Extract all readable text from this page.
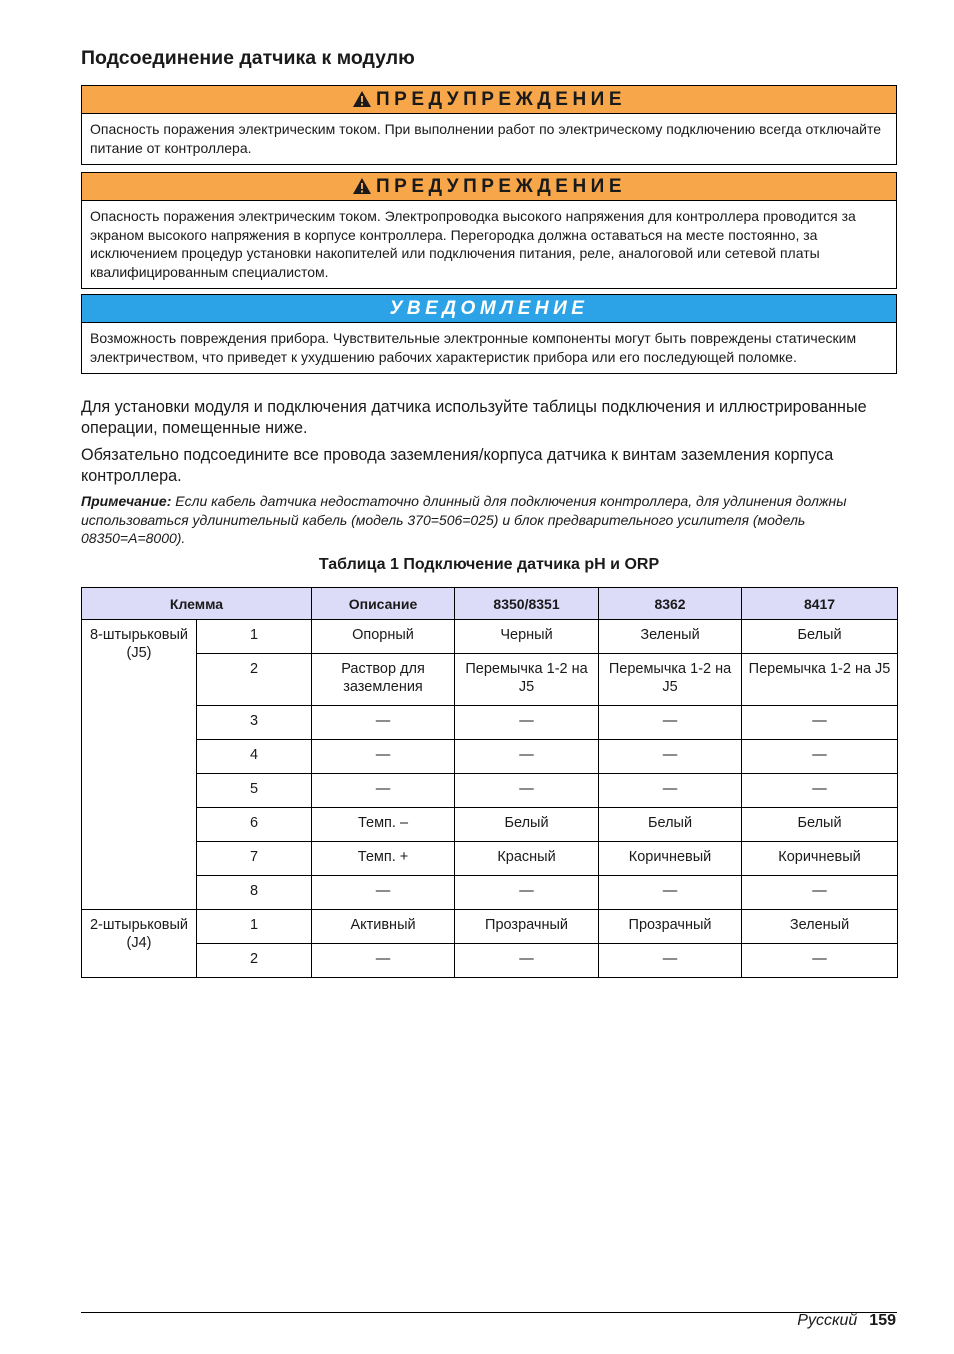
Подсоединение датчика к модулю
ПРЕДУПРЕЖДЕНИЕ
Опасность поражения электрическим током. При выполнении работ по электрическому подключению всегда отключайте питание от контроллера.
ПРЕДУПРЕЖДЕНИЕ
Опасность поражения электрическим током. Электропроводка высокого напряжения для контроллера проводится за экраном высокого напряжения в корпусе контроллера. Перегородка должна оставаться на месте постоянно, за исключением процедур установки накопителей или подключения питания, реле, аналоговой или сетевой платы квалифицированным специалистом.
УВЕДОМЛЕНИЕ
Возможность повреждения прибора. Чувствительные электронные компоненты могут быть повреждены статическим электричеством, что приведет к ухудшению рабочих характеристик прибора или его последующей поломке.

Для установки модуля и подключения датчика используйте таблицы подключения и иллюстрированные операции, помещенные ниже.

Обязательно подсоедините все провода заземления/корпуса датчика к винтам заземления корпуса контроллера.

Примечание: Если кабель датчика недостаточно длинный для подключения контроллера, для удлинения должны использоваться удлинительный кабель (модель 370=506=025) и блок предварительного усилителя (модель 08350=A=8000).

Таблица 1 Подключение датчика pH и ORP
Клемма		Описание	8350/8351	8362	8417
8-штырьковый (J5)	1	Опорный	Черный	Зеленый	Белый
	2	Раствор для заземления	Перемычка 1-2 на J5	Перемычка 1-2 на J5	Перемычка 1-2 на J5
	3	—	—	—	—
	4	—	—	—	—
	5	—	—	—	—
	6	Темп. –	Белый	Белый	Белый
	7	Темп. +	Красный	Коричневый	Коричневый
	8	—	—	—	—
2-штырьковый (J4)	1	Активный	Прозрачный	Прозрачный	Зеленый
	2	—	—	—	—
Русский 159
